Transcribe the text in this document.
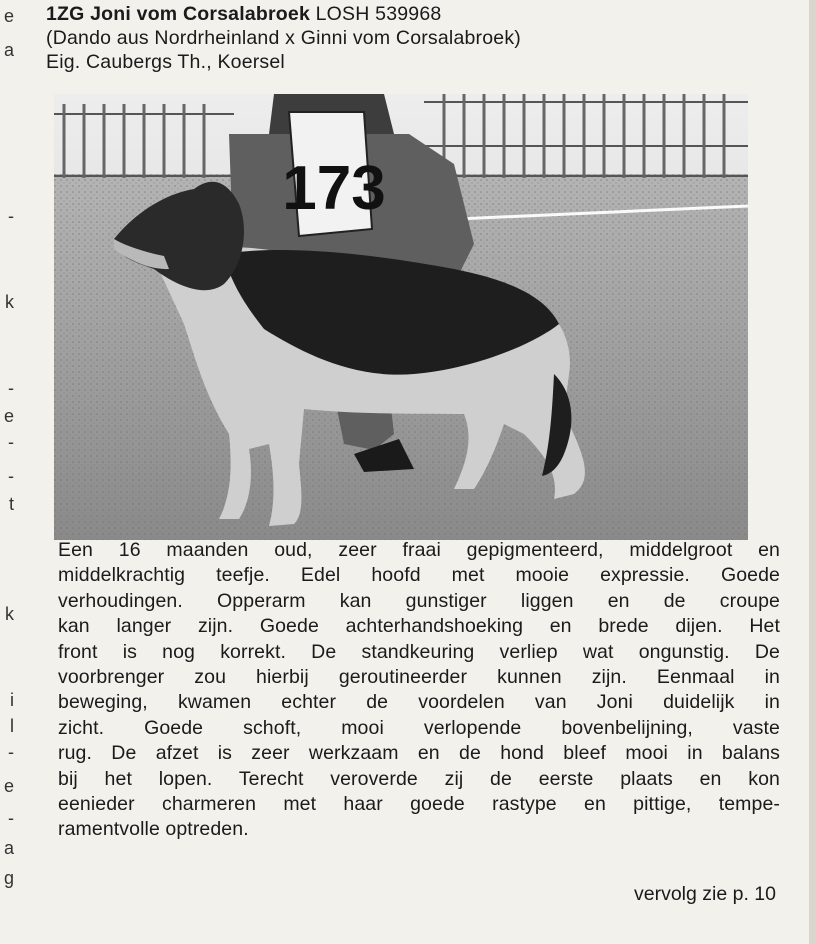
e
a
-
k
-
e
-
-
t
k
i
l
-
e
-
a
g
1ZG Joni vom Corsalabroek LOSH 539968
(Dando aus Nordrheinland x Ginni vom Corsalabroek)
Eig. Caubergs Th., Koersel
173
Een 16 maanden oud, zeer fraai gepigmenteerd, middelgroot en
middelkrachtig teefje. Edel hoofd met mooie expressie. Goede
verhoudingen. Opperarm kan gunstiger liggen en de croupe
kan langer zijn. Goede achterhandshoeking en brede dijen. Het
front is nog korrekt. De standkeuring verliep wat ongunstig. De
voorbrenger zou hierbij geroutineerder kunnen zijn. Eenmaal in
beweging, kwamen echter de voordelen van Joni duidelijk in
zicht. Goede schoft, mooi verlopende bovenbelijning, vaste
rug. De afzet is zeer werkzaam en de hond bleef mooi in balans
bij het lopen. Terecht veroverde zij de eerste plaats en kon
eenieder charmeren met haar goede rastype en pittige, tempe-
ramentvolle optreden.
vervolg zie p. 10
